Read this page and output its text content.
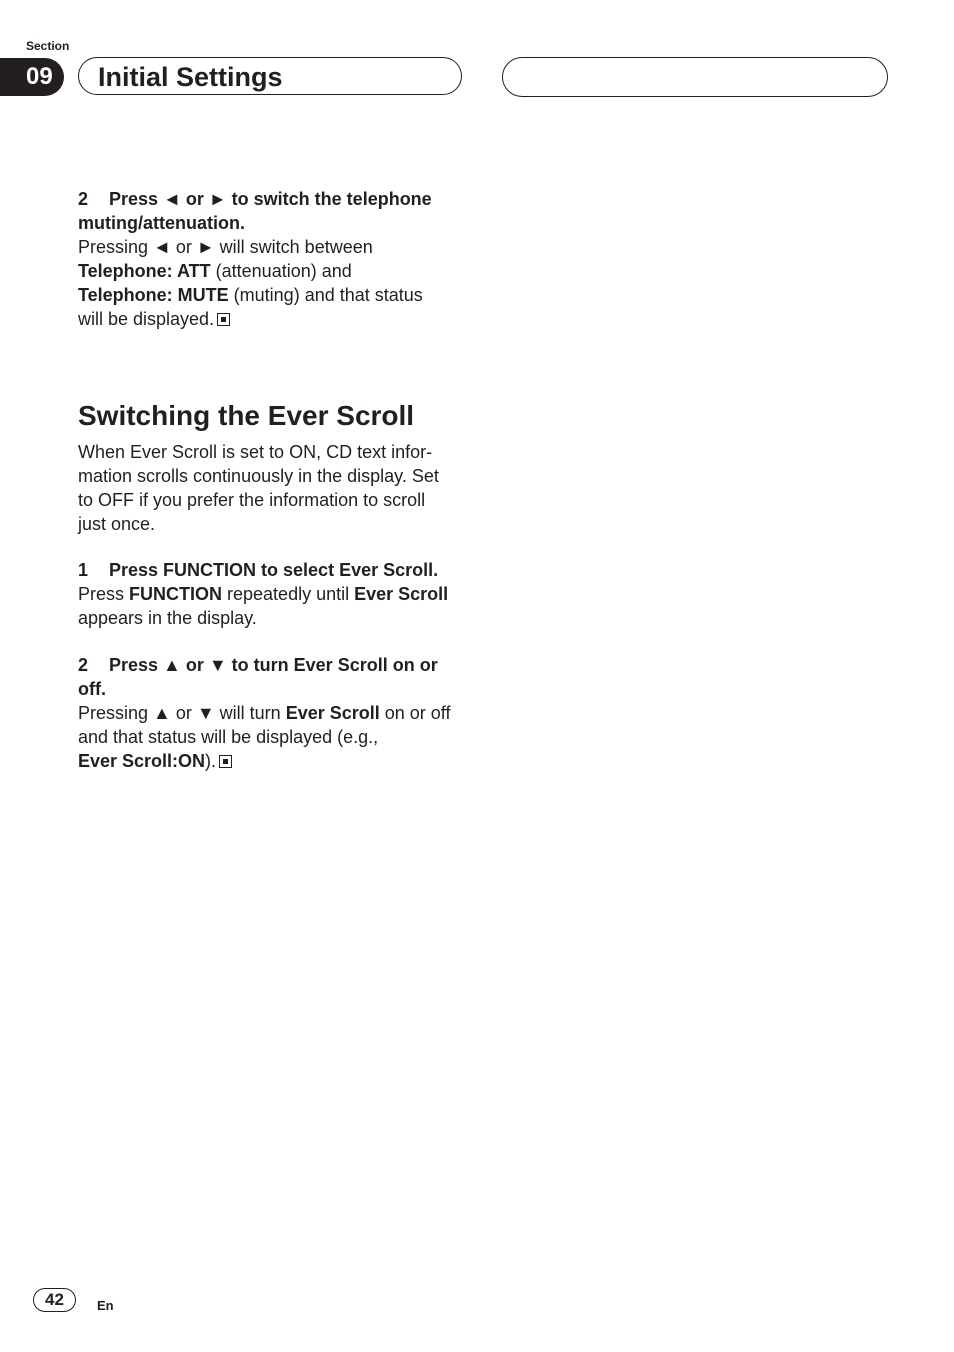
Section
09	Initial Settings

2 Press ◄ or ► to switch the telephone

muting/attenuation.

Pressing ◄ or ► will switch between

Telephone: ATT (attenuation) and

Telephone: MUTE (muting) and that status

will be displayed.

Switching the Ever Scroll

When Ever Scroll is set to ON, CD text infor-

mation scrolls continuously in the display. Set

to OFF if you prefer the information to scroll

just once.

1 Press FUNCTION to select Ever Scroll.

Press FUNCTION repeatedly until Ever Scroll

appears in the display.

2 Press ▲ or ▼ to turn Ever Scroll on or

off.

Pressing ▲ or ▼ will turn Ever Scroll on or off

and that status will be displayed (e.g.,

Ever Scroll:ON).

42	En
